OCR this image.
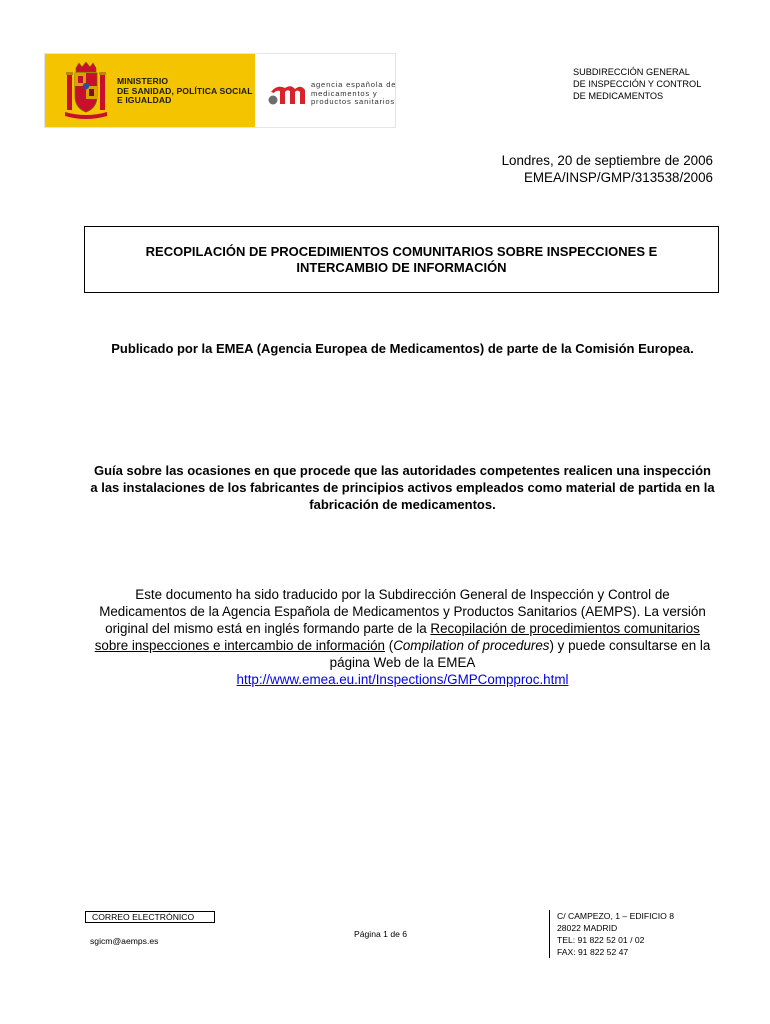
MINISTERIO
DE SANIDAD, POLÍTICA SOCIAL
E IGUALDAD
agencia española de
medicamentos y
productos sanitarios
SUBDIRECCIÓN GENERAL
DE INSPECCIÓN Y CONTROL
DE MEDICAMENTOS
Londres, 20 de septiembre de 2006
EMEA/INSP/GMP/313538/2006
RECOPILACIÓN DE PROCEDIMIENTOS COMUNITARIOS SOBRE INSPECCIONES E INTERCAMBIO DE INFORMACIÓN
Publicado por la EMEA (Agencia Europea de Medicamentos) de parte de la Comisión Europea.
Guía sobre las ocasiones en que procede que las autoridades competentes realicen una inspección a las instalaciones de los fabricantes de principios activos empleados como material de partida en la fabricación de medicamentos.
Este documento ha sido traducido por la Subdirección General de Inspección y Control de Medicamentos de la Agencia Española de Medicamentos y Productos Sanitarios (AEMPS). La versión original del mismo está en inglés formando parte de la Recopilación de procedimientos comunitarios sobre inspecciones e intercambio de información (Compilation of procedures) y puede consultarse en la página Web de la EMEA
http://www.emea.eu.int/Inspections/GMPCompproc.html
CORREO ELECTRÓNICO
sgicm@aemps.es
Página 1 de 6
C/ CAMPEZO, 1 – EDIFICIO 8
28022 MADRID
TEL: 91 822 52 01 / 02
FAX: 91 822 52 47
